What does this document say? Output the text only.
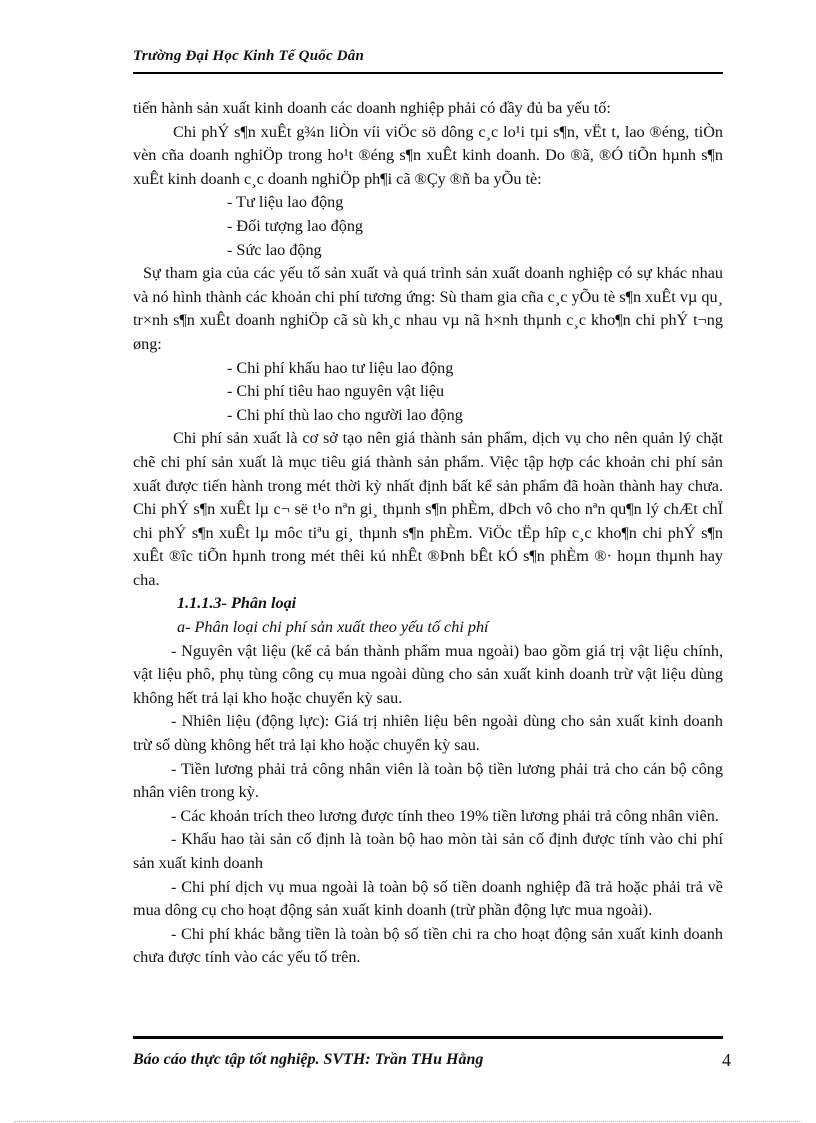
Trường Đại Học Kinh Tế Quốc Dân

tiến hành sản xuất kinh doanh các doanh nghiệp phải có đầy đủ ba yếu tố:

Chi phÝ s¶n xuÊt g¾n liÒn víi viÖc sö dông c¸c lo¹i tµi s¶n, vËt t, lao ®éng, tiÒn vèn cña doanh nghiÖp trong ho¹t ®éng s¶n xuÊt kinh doanh. Do ®ã, ®Ó tiÕn hµnh s¶n xuÊt kinh doanh c¸c doanh nghiÖp ph¶i cã ®Çy ®ñ ba yÕu tè:

- Tư liệu lao động

- Đối tượng lao động

- Sức lao động

Sự tham gia của các yếu tố sản xuất và quá trình sản xuất doanh nghiệp có sự khác nhau và nó hình thành các khoản chi phí tương ứng: Sù tham gia cña c¸c yÕu tè s¶n xuÊt vµ qu¸ tr×nh s¶n xuÊt doanh nghiÖp cã sù kh¸c nhau vµ nã h×nh thµnh c¸c kho¶n chi phÝ t¬ng øng:

- Chi phí khấu hao tư liệu lao động

- Chi phí tiêu hao nguyên vật liệu

- Chi phí thù lao cho người lao động

Chi phí sản xuất là cơ sở tạo nên giá thành sản phẩm, dịch vụ cho nên quản lý chặt chẽ chi phí sản xuất là mục tiêu giá thành sản phẩm. Việc tập hợp các khoản chi phí sản xuất được tiến hành trong mét thời kỳ nhất định bất kể sản phẩm đã hoàn thành hay chưa. Chi phÝ s¶n xuÊt lµ c¬ së t¹o nªn gi¸ thµnh s¶n phÈm, dÞch vô cho nªn qu¶n lý chÆt chÏ chi phÝ s¶n xuÊt lµ môc tiªu gi¸ thµnh s¶n phÈm. ViÖc tËp hîp c¸c kho¶n chi phÝ s¶n xuÊt ®îc tiÕn hµnh trong mét thêi kú nhÊt ®Þnh bÊt kÓ s¶n phÈm ®· hoµn thµnh hay cha.

1.1.1.3- Phân loại

a- Phân loại chi phí sản xuất theo yếu tố chi phí

- Nguyên vật liệu (kể cả bán thành phẩm mua ngoài) bao gồm giá trị vật liệu chính, vật liệu phô, phụ tùng công cụ mua ngoài dùng cho sản xuất kinh doanh trừ vật liệu dùng không hết trả lại kho hoặc chuyển kỳ sau.

- Nhiên liệu (động lực): Giá trị nhiên liệu bên ngoài dùng cho sản xuất kinh doanh trừ số dùng không hết trả lại kho hoặc chuyển kỳ sau.

- Tiền lương phải trả công nhân viên là toàn bộ tiền lương phải trả cho cán bộ công nhân viên trong kỳ.

- Các khoản trích theo lương được tính theo 19% tiền lương phải trả công nhân viên.

- Khấu hao tài sản cố định là toàn bộ hao mòn tài sản cố định được tính vào chi phí sản xuất kinh doanh

- Chi phí dịch vụ mua ngoài là toàn bộ số tiền doanh nghiệp đã trả hoặc phải trả về mua dông cụ cho hoạt động sản xuất kinh doanh (trừ phần động lực mua ngoài).

- Chi phí khác bằng tiền là toàn bộ số tiền chi ra cho hoạt động sản xuất kinh doanh chưa được tính vào các yếu tố trên.

Báo cáo thực tập tốt nghiệp. SVTH: Trần THu Hằng	4
